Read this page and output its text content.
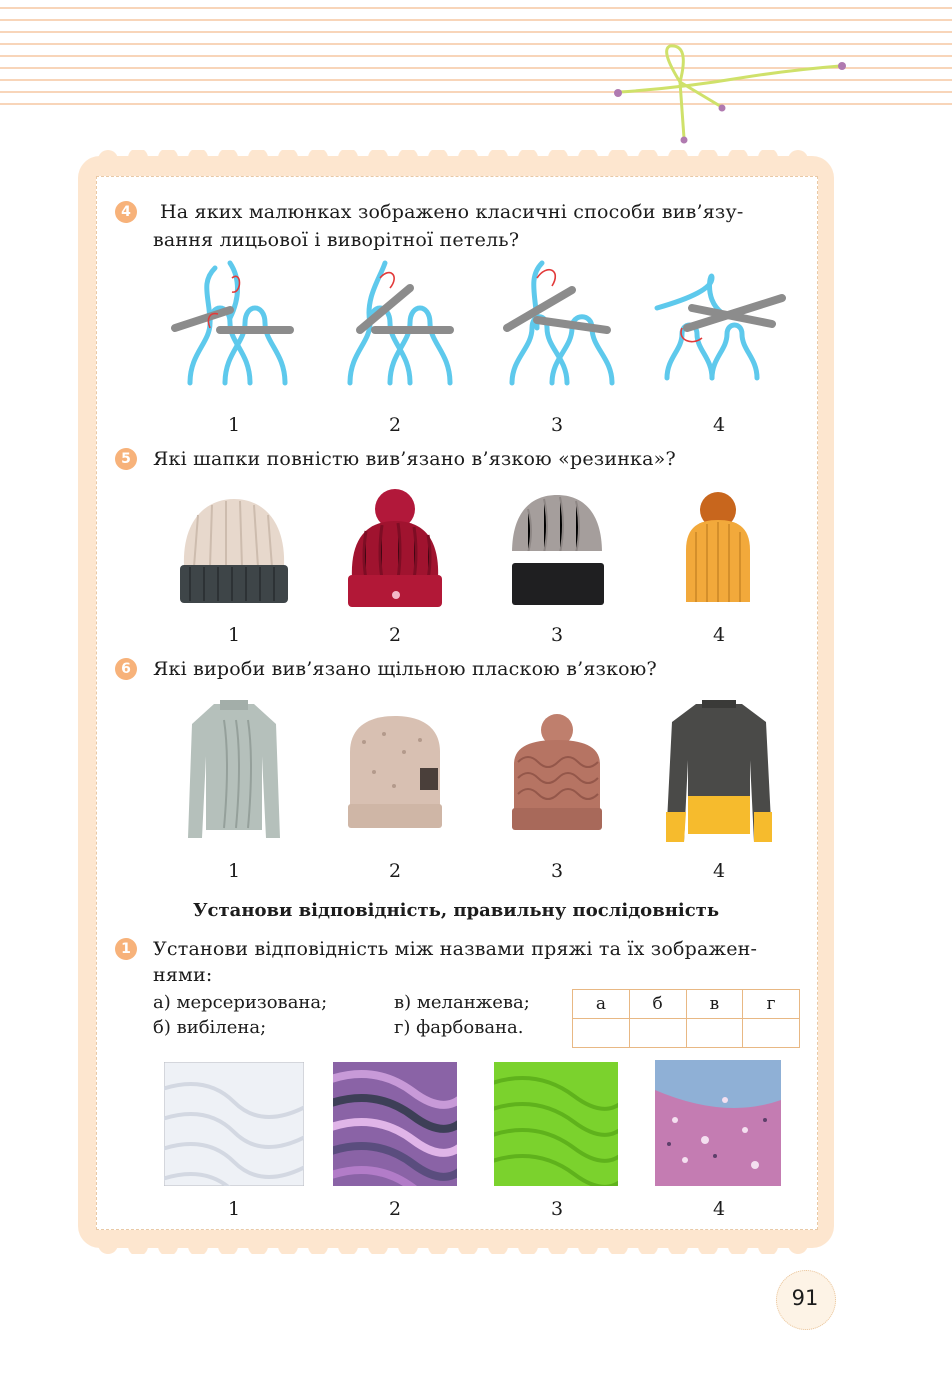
4	На яких малюнках зображено класичні способи вив’язу-
вання лицьової і виворітної петель?
1	2	3	4
5	Які шапки повністю вив’язано в’язкою «резинка»?
1	2	3	4
6	Які вироби вив’язано щільною пласкою в’язкою?
1	2	3	4
Установи відповідність, правильну послідовність
1	Установи відповідність між назвами пряжі та їх зображен-
нями:
а) мерсеризована;
б) вибілена;
в) меланжева;
г) фарбована.
а	б	в	г

1	2	3	4
91
